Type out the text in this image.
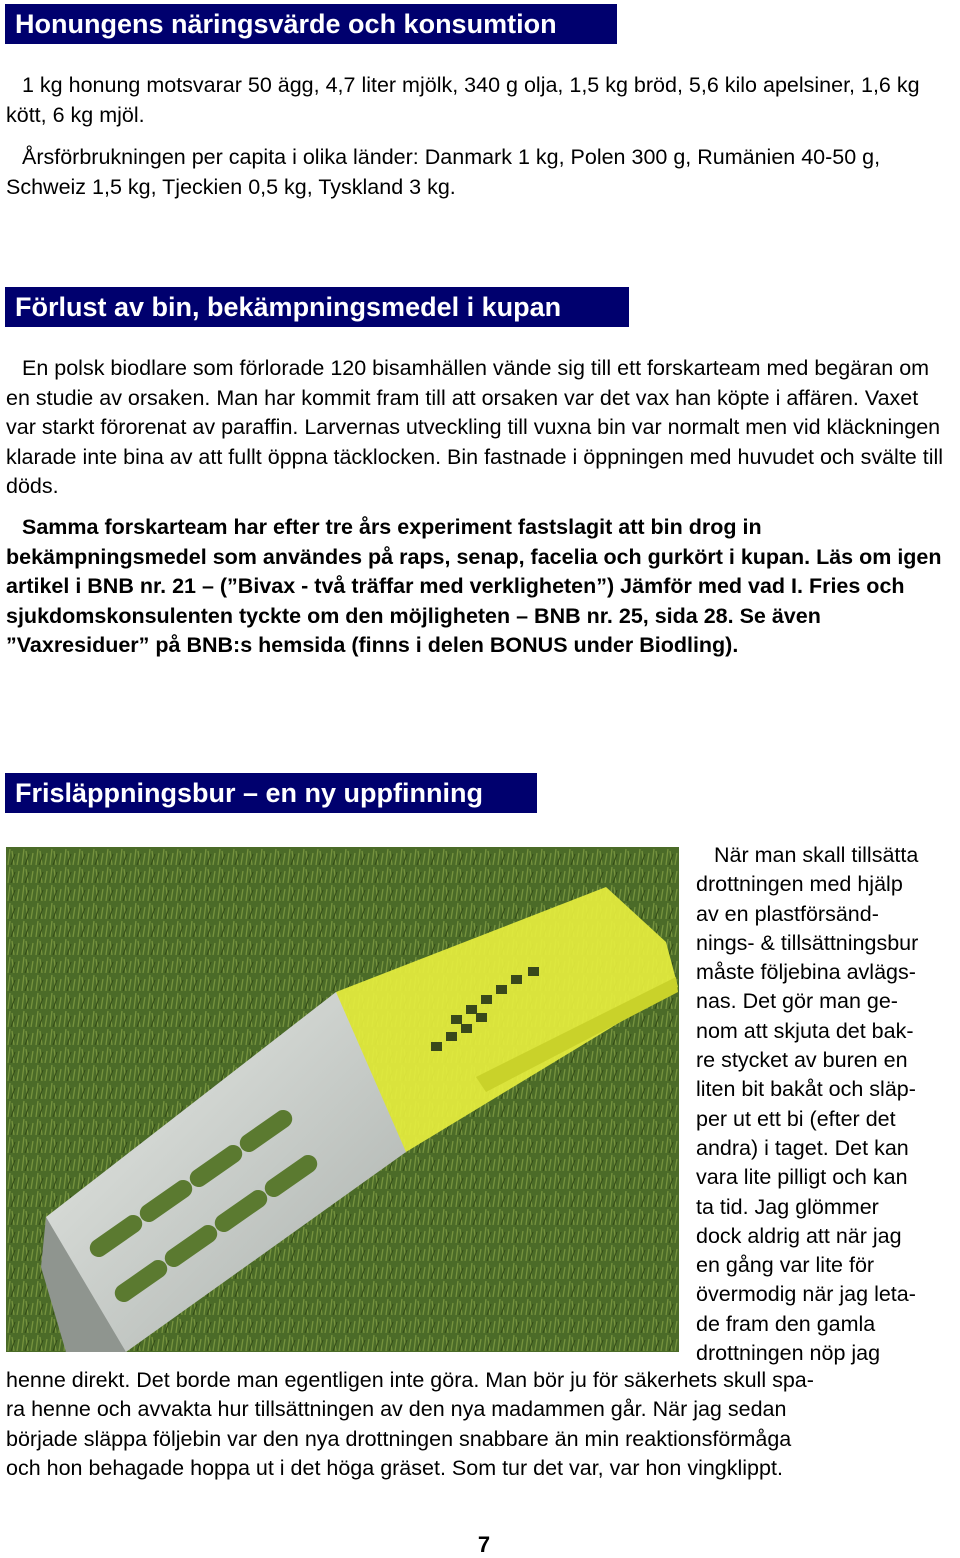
Honungens näringsvärde och konsumtion

1 kg honung motsvarar 50 ägg, 4,7 liter mjölk, 340 g olja, 1,5 kg bröd, 5,6 kilo apelsiner, 1,6 kg kött, 6 kg mjöl.

Årsförbrukningen per capita i olika länder: Danmark 1 kg, Polen 300 g, Rumänien 40-50 g, Schweiz 1,5 kg, Tjeckien 0,5 kg, Tyskland 3 kg.

Förlust av bin, bekämpningsmedel i kupan

En polsk biodlare som förlorade 120 bisamhällen vände sig till ett forskarteam med begäran om en studie av orsaken. Man har kommit fram till att orsaken var det vax han köpte i affären. Vaxet var starkt förorenat av paraffin. Larvernas utveckling till vuxna bin var normalt men vid kläckningen klarade inte bina av att fullt öppna täcklocken. Bin fastnade i öppningen med huvudet och svälte till döds.

Samma forskarteam har efter tre års experiment fastslagit att bin drog in bekämpningsmedel som användes på raps, senap, facelia och gurkört i kupan. Läs om igen artikel i BNB nr. 21 – (”Bivax - två träffar med verkligheten”) Jämför med vad I. Fries och sjukdomskonsulenten tyckte om den möjligheten – BNB nr. 25, sida 28. Se även ”Vaxresiduer” på BNB:s hemsida (finns i delen BONUS under Biodling).

Frisläppningsbur – en ny uppfinning
När man skall tillsätta
drottningen med hjälp
av en plastförsänd-
nings- & tillsättningsbur
måste följebina avlägs-
nas. Det gör man ge-
nom att skjuta det bak-
re stycket av buren en
liten bit bakåt och släp-
per ut ett bi (efter det
andra) i taget. Det kan
vara lite pilligt och kan
ta tid. Jag glömmer
dock aldrig att när jag
en gång var lite för
övermodig när jag leta-
de fram den gamla
drottningen nöp jag
henne direkt. Det borde man egentligen inte göra. Man bör ju för säkerhets skull spa-
ra henne och avvakta hur tillsättningen av den nya madammen går. När jag sedan
började släppa följebin var den nya drottningen snabbare än min reaktionsförmåga
och hon behagade hoppa ut i det höga gräset. Som tur det var, var hon vingklippt.
7
